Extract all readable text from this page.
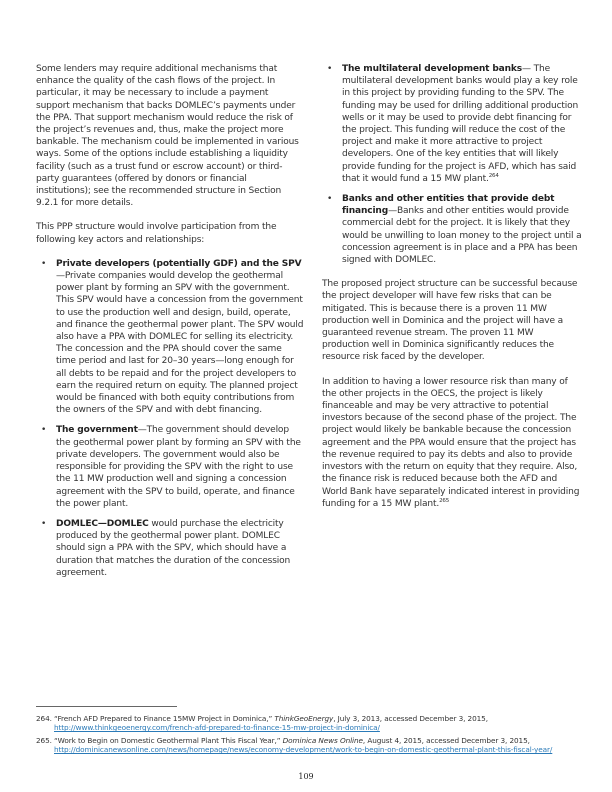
Some lenders may require additional mechanisms that enhance the quality of the cash flows of the project. In particular, it may be necessary to include a payment support mechanism that backs DOMLEC’s payments under the PPA. That support mechanism would reduce the risk of the project’s revenues and, thus, make the project more bankable. The mechanism could be implemented in various ways. Some of the options include establishing a liquidity facility (such as a trust fund or escrow account) or third-party guarantees (offered by donors or financial institutions); see the recommended structure in Section 9.2.1 for more details.

This PPP structure would involve participation from the following key actors and relationships:

• Private developers (potentially GDF) and the SPV—Private companies would develop the geothermal power plant by forming an SPV with the government. This SPV would have a concession from the government to use the production well and design, build, operate, and finance the geothermal power plant. The SPV would also have a PPA with DOMLEC for selling its electricity. The concession and the PPA should cover the same time period and last for 20–30 years—long enough for all debts to be repaid and for the project developers to earn the required return on equity. The planned project would be financed with both equity contributions from the owners of the SPV and with debt financing.
• The government—The government should develop the geothermal power plant by forming an SPV with the private developers. The government would also be responsible for providing the SPV with the right to use the 11 MW production well and signing a concession agreement with the SPV to build, operate, and finance the power plant.
• DOMLEC—DOMLEC would purchase the electricity produced by the geothermal power plant. DOMLEC should sign a PPA with the SPV, which should have a duration that matches the duration of the concession agreement.
• The multilateral development banks— The multilateral development banks would play a key role in this project by providing funding to the SPV. The funding may be used for drilling additional production wells or it may be used to provide debt financing for the project. This funding will reduce the cost of the project and make it more attractive to project developers. One of the key entities that will likely provide funding for the project is AFD, which has said that it would fund a 15 MW plant.$^{264}$
• Banks and other entities that provide debt financing—Banks and other entities would provide commercial debt for the project. It is likely that they would be unwilling to loan money to the project until a concession agreement is in place and a PPA has been signed with DOMLEC.

The proposed project structure can be successful because the project developer will have few risks that can be mitigated. This is because there is a proven 11 MW production well in Dominica and the project will have a guaranteed revenue stream. The proven 11 MW production well in Dominica significantly reduces the resource risk faced by the developer.

In addition to having a lower resource risk than many of the other projects in the OECS, the project is likely financeable and may be very attractive to potential investors because of the second phase of the project. The project would likely be bankable because the concession agreement and the PPA would ensure that the project has the revenue required to pay its debts and also to provide investors with the return on equity that they require. Also, the finance risk is reduced because both the AFD and World Bank have separately indicated interest in providing funding for a 15 MW plant.$^{265}$

264. “French AFD Prepared to Finance 15MW Project in Dominica,” ThinkGeoEnergy, July 3, 2013, accessed December 3, 2015, http://www.thinkgeoenergy.com/french-afd-prepared-to-finance-15-mw-project-in-dominica/
265. “Work to Begin on Domestic Geothermal Plant This Fiscal Year,” Dominica News Online, August 4, 2015, accessed December 3, 2015, http://dominicanewsonline.com/news/homepage/news/economy-development/work-to-begin-on-domestic-geothermal-plant-this-fiscal-year/
109
